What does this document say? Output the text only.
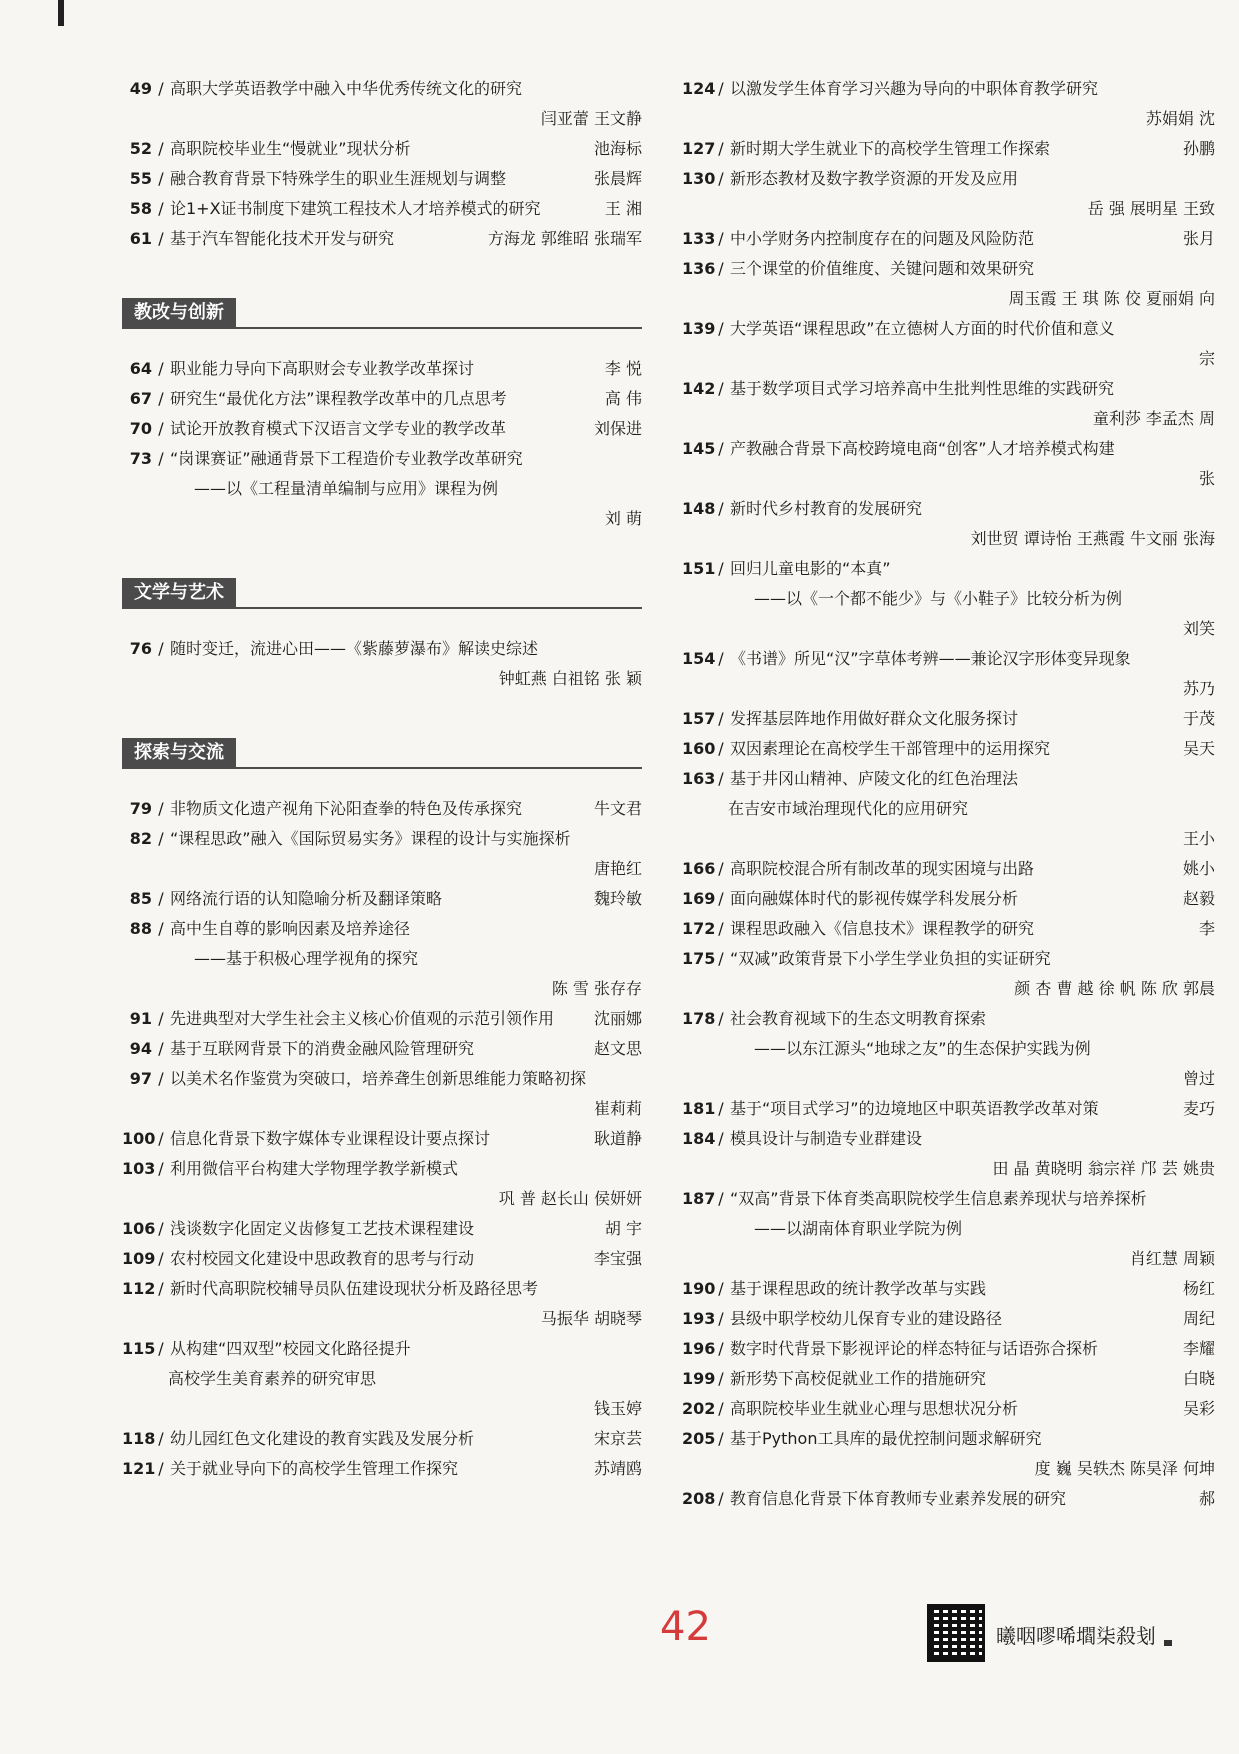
49 / 高职大学英语教学中融入中华优秀传统文化的研究
闫亚蕾 王文静
52 / 高职院校毕业生“慢就业”现状分析	池海标
55 / 融合教育背景下特殊学生的职业生涯规划与调整	张晨辉
58 / 论1+X证书制度下建筑工程技术人才培养模式的研究	王 湘
61 / 基于汽车智能化技术开发与研究	方海龙 郭维昭 张瑞军
教改与创新
64 / 职业能力导向下高职财会专业教学改革探讨	李 悦
67 / 研究生“最优化方法”课程教学改革中的几点思考	高 伟
70 / 试论开放教育模式下汉语言文学专业的教学改革	刘保进
73 / “岗课赛证”融通背景下工程造价专业教学改革研究
——以《工程量清单编制与应用》课程为例
刘 萌
文学与艺术
76 / 随时变迁，流进心田——《紫藤萝瀑布》解读史综述
钟虹燕 白祖铭 张 颖
探索与交流
79 / 非物质文化遗产视角下沁阳查拳的特色及传承探究	牛文君
82 / “课程思政”融入《国际贸易实务》课程的设计与实施探析
唐艳红
85 / 网络流行语的认知隐喻分析及翻译策略	魏玲敏
88 / 高中生自尊的影响因素及培养途径
——基于积极心理学视角的探究
陈 雪 张存存
91 / 先进典型对大学生社会主义核心价值观的示范引领作用 沈丽娜
94 / 基于互联网背景下的消费金融风险管理研究	赵文思
97 / 以美术名作鉴赏为突破口，培养聋生创新思维能力策略初探
崔莉莉
100 / 信息化背景下数字媒体专业课程设计要点探讨	耿道静
103 / 利用微信平台构建大学物理学教学新模式
巩 普 赵长山 侯妍妍
106 / 浅谈数字化固定义齿修复工艺技术课程建设	胡 宇
109 / 农村校园文化建设中思政教育的思考与行动	李宝强
112 / 新时代高职院校辅导员队伍建设现状分析及路径思考
马振华 胡晓琴
115 / 从构建“四双型”校园文化路径提升
高校学生美育素养的研究审思
钱玉婷
118 / 幼儿园红色文化建设的教育实践及发展分析	宋京芸
121 / 关于就业导向下的高校学生管理工作探究	苏靖鸥
124 / 以激发学生体育学习兴趣为导向的中职体育教学研究
苏娟娟 沈
127 / 新时期大学生就业下的高校学生管理工作探索	孙鹏
130 / 新形态教材及数字教学资源的开发及应用
岳 强 展明星 王致
133 / 中小学财务内控制度存在的问题及风险防范	张月
136 / 三个课堂的价值维度、关键问题和效果研究
周玉霞 王 琪 陈 佼 夏丽娟 向
139 / 大学英语“课程思政”在立德树人方面的时代价值和意义
宗
142 / 基于数学项目式学习培养高中生批判性思维的实践研究
童利莎 李孟杰 周
145 / 产教融合背景下高校跨境电商“创客”人才培养模式构建
张
148 / 新时代乡村教育的发展研究
刘世贸 谭诗怡 王燕霞 牛文丽 张海
151 / 回归儿童电影的“本真”
——以《一个都不能少》与《小鞋子》比较分析为例
刘笑
154 / 《书谱》所见“汉”字草体考辨——兼论汉字形体变异现象
苏乃
157 / 发挥基层阵地作用做好群众文化服务探讨	于茂
160 / 双因素理论在高校学生干部管理中的运用探究	吴天
163 / 基于井冈山精神、庐陵文化的红色治理法
在吉安市域治理现代化的应用研究
王小
166 / 高职院校混合所有制改革的现实困境与出路	姚小
169 / 面向融媒体时代的影视传媒学科发展分析	赵毅
172 / 课程思政融入《信息技术》课程教学的研究	李
175 / “双减”政策背景下小学生学业负担的实证研究
颜 杏 曹 越 徐 帆 陈 欣 郭晨
178 / 社会教育视域下的生态文明教育探索
——以东江源头“地球之友”的生态保护实践为例
曾过
181 / 基于“项目式学习”的边境地区中职英语教学改革对策	麦巧
184 / 模具设计与制造专业群建设
田 晶 黄晓明 翁宗祥 邝 芸 姚贵
187 / “双高”背景下体育类高职院校学生信息素养现状与培养探析
——以湖南体育职业学院为例
肖红慧 周颖
190 / 基于课程思政的统计教学改革与实践	杨红
193 / 县级中职学校幼儿保育专业的建设路径	周纪
196 / 数字时代背景下影视评论的样态特征与话语弥合探析	李耀
199 / 新形势下高校促就业工作的措施研究	白晓
202 / 高职院校毕业生就业心理与思想状况分析	吴彩
205 / 基于Python工具库的最优控制问题求解研究
度 巍 吴轶杰 陈昊泽 何坤
208 / 教育信息化背景下体育教师专业素养发展的研究	郝
42	曦咽嘐唏壛柒殺刬
